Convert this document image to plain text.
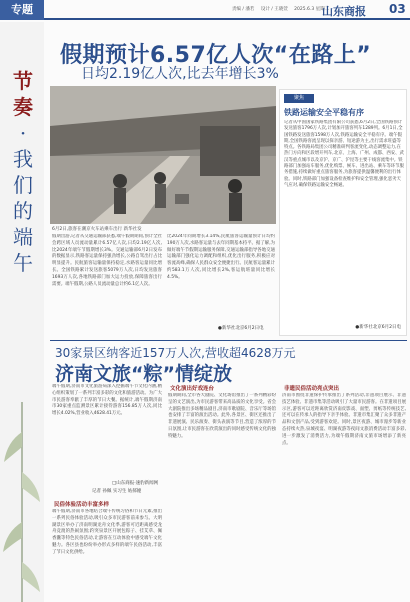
专题	责编 / 潘若 设计 / 王晓萱 2025.6.3 星期二
山东商报 03
节
奏
·
我
们
的
端
午
假期预计6.57亿人次“在路上”
日均2.19亿人次,比去年增长3%
6月2日,旅客在潮京火车站乘车出行 新华社发
聚焦
铁路运输安全平稳有序
记者从中国国家铁路集团有限公司获悉,6月2日,全国铁路预计发送旅客1796万人次,计划加开旅客列车1289列。6月1日,全国铁路发送旅客1598万人次,铁路运输安全平稳有序。端午假期,全国铁路客流呈现以探亲游、短途游为主,出行需求旺盛等特点。各铁路局集团公司精准研判客流变化,动态调整运力,在热门方向和区段增开列车,北京、上海、广州、成都、西安、武汉等重点城市以及京沪、京广、沪昆等主要干线客流集中。铁路部门加强站车服务,优化购票、候车、进出站、乘车等环节服务措施,持续做好重点旅客服务,为旅客提供温馨便利的出行体验。同时,铁路部门加强设备检查维护和安全管理,强化恶劣天气应对,确保铁路运输安全畅通。
●新华社北京6月2日电
假期出游,记者从交通运输部获悉,端午假期期间,预计全社会跨区域人员流动量累计6.57亿人次,日均2.19亿人次,比2024年端午节假期增长3%。交通运输部6月2日发布的数据显示,铁路客运量保持强劲增长,公路自驾出行占比明显提升。民航旅客运输量保持稳定,水路客运量同比增长。全国铁路累计发送旅客5079万人次,日均发送旅客1693万人次,各地铁路部门加大运力投放,保障旅客出行需要。端午假期,公路人员流动量总计约6.1亿人次。
比2024年同期增长3.14%,民航旅客运输量预计日均约190万人次,水路客运量与去年同期基本持平。据了解,为做好端午节假期运输服务保障,交通运输部指导各地交通运输部门强化运力调配和组织,优化出行服务,积极应对客流高峰,确保人民群众安全便捷出行。民航客运量累计约583.1万人次,同比增长2%,客运航班量同比增长4.5%。
●新华社北京6月2日电
30家景区纳客近157万人次,营收超4628万元
济南文旅“粽”情绽放
端午假期,济南市文化旅游局深入挖掘端午节文化内涵,精心组织策划了一系列丰富多彩的文化和旅游活动。为广大市民游客奉献了丰厚的节日大餐。据统计,端午假期济南市30家重点监测景区累计接待游客156.85万人次,同比增长4.02%,营业收入4628.41万元。
□山东商报·速豹新闻网
记者 孙佩 实习生 姑郝娅
民俗体验活动丰富多样
端午假期,济南市各地结合端午传统习俗和节日元素,推出一系列民俗体验活动,吸引众多市民游客前来参与。大明湖景区举办了济南明湖龙舟文化季,游客可近距离感受龙舟竞渡的热闹氛围;趵突泉景区开展包粽子、挂艾草、佩香囊等特色民俗活动,让游客在互动体验中感受端午文化魅力。各区县也纷纷举办形式多样的端午民俗活动,丰富了节日文化供给。
文化演出好戏连台
假期期间,全市各大剧院、文化场馆推出了一系列精彩纷呈的文艺演出,为市民游客带来高品质的文化享受。省会大剧院推出多场精品剧目,济南市歌剧院、音乐厅等场馆也安排了丰富的演出活动。此外,各景区、街区还推出了非遗展演、民乐演奏、街头表演等节目,营造了浓厚的节日氛围,让市民游客在欣赏演出的同时感受传统文化的独特魅力。
非遗民俗活动亮点突出
济南市围绕非遗保护传承推出了系列活动,非遗项目展示、非遗技艺体验、非遗市集等活动吸引了大量市民游客。在非遗项目展示区,游客可以近距离欣赏济南皮影戏、面塑、剪纸等传统技艺,还可以在传承人的指导下亲手体验。非遗市集汇聚了众多非遗产品和文创产品,受到游客欢迎。同时,景区夜游、城市漫步等新业态持续火热,泉城夜宴、明湖夜游等夜间文旅消费活动丰富多彩,进一步激发了消费活力,为端午假期济南文旅市场增添了新亮点。
